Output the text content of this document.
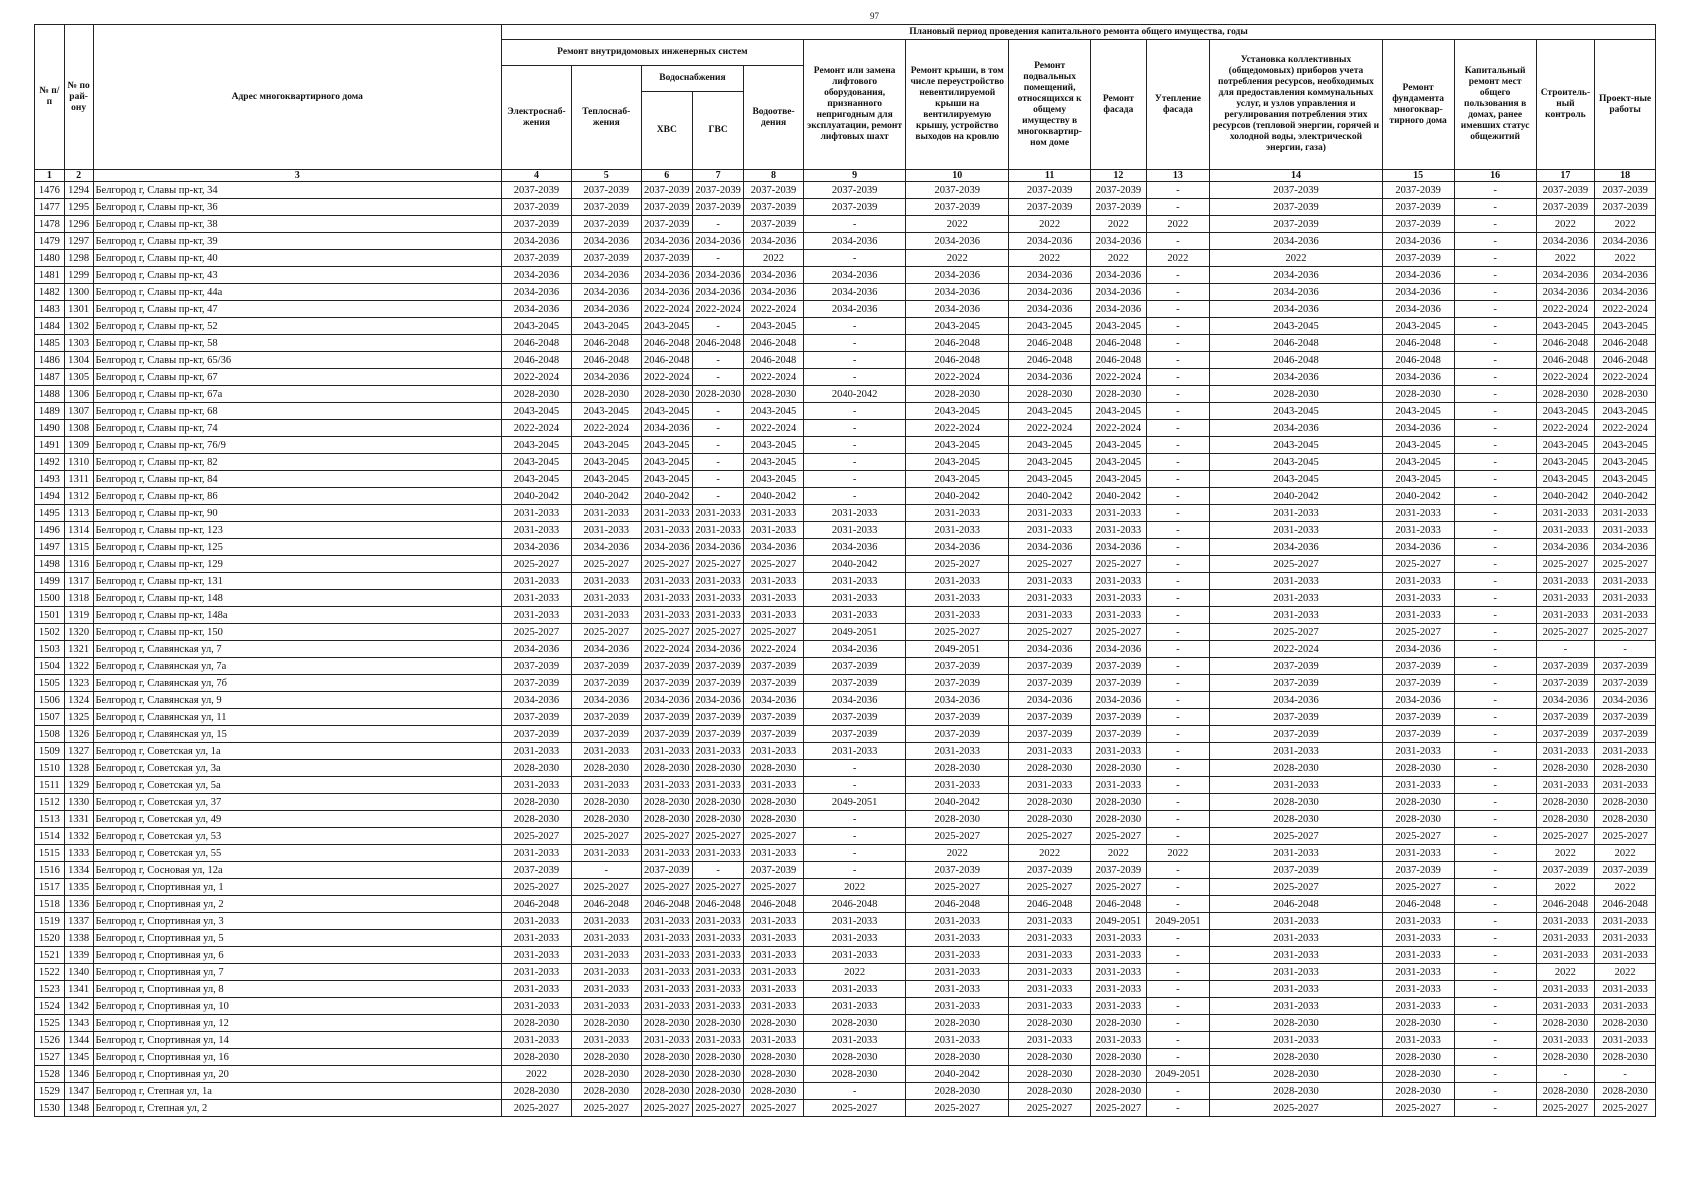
97
№ п/п	№ по рай-ону	Адрес многоквартирного дома	Плановый период проведения капитального ремонта общего имущества, годы														
			Ремонт внутридомовых инженерных систем					Ремонт или замена лифтового оборудования, признанного непригодным для эксплуатации, ремонт лифтовых шахт	Ремонт крыши, в том числе переустройство невентилируемой крыши на вентилируемую крышу, устройство выходов на кровлю	Ремонт подвальных помещений, относящихся к общему имуществу в многоквартир-ном доме	Ремонт фасада	Утепление фасада	Установка коллективных (общедомовых) приборов учета потребления ресурсов, необходимых для предоставления коммунальных услуг, и узлов управления и регулирования потребления этих ресурсов (тепловой энергии, горячей и холодной воды, электрической энергии, газа)	Ремонт фундамента многоквар-тирного дома	Капитальный ремонт мест общего пользования в домах, ранее имевших статус общежитий	Строитель-ный контроль	Проект-ные работы
			Электроснаб-жения	Теплоснаб-жения	Водоснабжения		Водоотве-дения										
					ХВС	ГВС											
1	2	3	4	5	6	7	8	9	10	11	12	13	14	15	16	17	18
1476	1294	Белгород г, Славы пр-кт, 34	2037-2039	2037-2039	2037-2039	2037-2039	2037-2039	2037-2039	2037-2039	2037-2039	2037-2039	-	2037-2039	2037-2039	-	2037-2039	2037-2039
1477	1295	Белгород г, Славы пр-кт, 36	2037-2039	2037-2039	2037-2039	2037-2039	2037-2039	2037-2039	2037-2039	2037-2039	2037-2039	-	2037-2039	2037-2039	-	2037-2039	2037-2039
1478	1296	Белгород г, Славы пр-кт, 38	2037-2039	2037-2039	2037-2039	-	2037-2039	-	2022	2022	2022	2022	2037-2039	2037-2039	-	2022	2022
1479	1297	Белгород г, Славы пр-кт, 39	2034-2036	2034-2036	2034-2036	2034-2036	2034-2036	2034-2036	2034-2036	2034-2036	2034-2036	-	2034-2036	2034-2036	-	2034-2036	2034-2036
1480	1298	Белгород г, Славы пр-кт, 40	2037-2039	2037-2039	2037-2039	-	2022	-	2022	2022	2022	2022	2022	2037-2039	-	2022	2022
1481	1299	Белгород г, Славы пр-кт, 43	2034-2036	2034-2036	2034-2036	2034-2036	2034-2036	2034-2036	2034-2036	2034-2036	2034-2036	-	2034-2036	2034-2036	-	2034-2036	2034-2036
1482	1300	Белгород г, Славы пр-кт, 44а	2034-2036	2034-2036	2034-2036	2034-2036	2034-2036	2034-2036	2034-2036	2034-2036	2034-2036	-	2034-2036	2034-2036	-	2034-2036	2034-2036
1483	1301	Белгород г, Славы пр-кт, 47	2034-2036	2034-2036	2022-2024	2022-2024	2022-2024	2034-2036	2034-2036	2034-2036	2034-2036	-	2034-2036	2034-2036	-	2022-2024	2022-2024
1484	1302	Белгород г, Славы пр-кт, 52	2043-2045	2043-2045	2043-2045	-	2043-2045	-	2043-2045	2043-2045	2043-2045	-	2043-2045	2043-2045	-	2043-2045	2043-2045
1485	1303	Белгород г, Славы пр-кт, 58	2046-2048	2046-2048	2046-2048	2046-2048	2046-2048	-	2046-2048	2046-2048	2046-2048	-	2046-2048	2046-2048	-	2046-2048	2046-2048
1486	1304	Белгород г, Славы пр-кт, 65/36	2046-2048	2046-2048	2046-2048	-	2046-2048	-	2046-2048	2046-2048	2046-2048	-	2046-2048	2046-2048	-	2046-2048	2046-2048
1487	1305	Белгород г, Славы пр-кт, 67	2022-2024	2034-2036	2022-2024	-	2022-2024	-	2022-2024	2034-2036	2022-2024	-	2034-2036	2034-2036	-	2022-2024	2022-2024
1488	1306	Белгород г, Славы пр-кт, 67а	2028-2030	2028-2030	2028-2030	2028-2030	2028-2030	2040-2042	2028-2030	2028-2030	2028-2030	-	2028-2030	2028-2030	-	2028-2030	2028-2030
1489	1307	Белгород г, Славы пр-кт, 68	2043-2045	2043-2045	2043-2045	-	2043-2045	-	2043-2045	2043-2045	2043-2045	-	2043-2045	2043-2045	-	2043-2045	2043-2045
1490	1308	Белгород г, Славы пр-кт, 74	2022-2024	2022-2024	2034-2036	-	2022-2024	-	2022-2024	2022-2024	2022-2024	-	2034-2036	2034-2036	-	2022-2024	2022-2024
1491	1309	Белгород г, Славы пр-кт, 76/9	2043-2045	2043-2045	2043-2045	-	2043-2045	-	2043-2045	2043-2045	2043-2045	-	2043-2045	2043-2045	-	2043-2045	2043-2045
1492	1310	Белгород г, Славы пр-кт, 82	2043-2045	2043-2045	2043-2045	-	2043-2045	-	2043-2045	2043-2045	2043-2045	-	2043-2045	2043-2045	-	2043-2045	2043-2045
1493	1311	Белгород г, Славы пр-кт, 84	2043-2045	2043-2045	2043-2045	-	2043-2045	-	2043-2045	2043-2045	2043-2045	-	2043-2045	2043-2045	-	2043-2045	2043-2045
1494	1312	Белгород г, Славы пр-кт, 86	2040-2042	2040-2042	2040-2042	-	2040-2042	-	2040-2042	2040-2042	2040-2042	-	2040-2042	2040-2042	-	2040-2042	2040-2042
1495	1313	Белгород г, Славы пр-кт, 90	2031-2033	2031-2033	2031-2033	2031-2033	2031-2033	2031-2033	2031-2033	2031-2033	2031-2033	-	2031-2033	2031-2033	-	2031-2033	2031-2033
1496	1314	Белгород г, Славы пр-кт, 123	2031-2033	2031-2033	2031-2033	2031-2033	2031-2033	2031-2033	2031-2033	2031-2033	2031-2033	-	2031-2033	2031-2033	-	2031-2033	2031-2033
1497	1315	Белгород г, Славы пр-кт, 125	2034-2036	2034-2036	2034-2036	2034-2036	2034-2036	2034-2036	2034-2036	2034-2036	2034-2036	-	2034-2036	2034-2036	-	2034-2036	2034-2036
1498	1316	Белгород г, Славы пр-кт, 129	2025-2027	2025-2027	2025-2027	2025-2027	2025-2027	2040-2042	2025-2027	2025-2027	2025-2027	-	2025-2027	2025-2027	-	2025-2027	2025-2027
1499	1317	Белгород г, Славы пр-кт, 131	2031-2033	2031-2033	2031-2033	2031-2033	2031-2033	2031-2033	2031-2033	2031-2033	2031-2033	-	2031-2033	2031-2033	-	2031-2033	2031-2033
1500	1318	Белгород г, Славы пр-кт, 148	2031-2033	2031-2033	2031-2033	2031-2033	2031-2033	2031-2033	2031-2033	2031-2033	2031-2033	-	2031-2033	2031-2033	-	2031-2033	2031-2033
1501	1319	Белгород г, Славы пр-кт, 148а	2031-2033	2031-2033	2031-2033	2031-2033	2031-2033	2031-2033	2031-2033	2031-2033	2031-2033	-	2031-2033	2031-2033	-	2031-2033	2031-2033
1502	1320	Белгород г, Славы пр-кт, 150	2025-2027	2025-2027	2025-2027	2025-2027	2025-2027	2049-2051	2025-2027	2025-2027	2025-2027	-	2025-2027	2025-2027	-	2025-2027	2025-2027
1503	1321	Белгород г, Славянская ул, 7	2034-2036	2034-2036	2022-2024	2034-2036	2022-2024	2034-2036	2049-2051	2034-2036	2034-2036	-	2022-2024	2034-2036	-	-	-
1504	1322	Белгород г, Славянская ул, 7а	2037-2039	2037-2039	2037-2039	2037-2039	2037-2039	2037-2039	2037-2039	2037-2039	2037-2039	-	2037-2039	2037-2039	-	2037-2039	2037-2039
1505	1323	Белгород г, Славянская ул, 7б	2037-2039	2037-2039	2037-2039	2037-2039	2037-2039	2037-2039	2037-2039	2037-2039	2037-2039	-	2037-2039	2037-2039	-	2037-2039	2037-2039
1506	1324	Белгород г, Славянская ул, 9	2034-2036	2034-2036	2034-2036	2034-2036	2034-2036	2034-2036	2034-2036	2034-2036	2034-2036	-	2034-2036	2034-2036	-	2034-2036	2034-2036
1507	1325	Белгород г, Славянская ул, 11	2037-2039	2037-2039	2037-2039	2037-2039	2037-2039	2037-2039	2037-2039	2037-2039	2037-2039	-	2037-2039	2037-2039	-	2037-2039	2037-2039
1508	1326	Белгород г, Славянская ул, 15	2037-2039	2037-2039	2037-2039	2037-2039	2037-2039	2037-2039	2037-2039	2037-2039	2037-2039	-	2037-2039	2037-2039	-	2037-2039	2037-2039
1509	1327	Белгород г, Советская ул, 1а	2031-2033	2031-2033	2031-2033	2031-2033	2031-2033	2031-2033	2031-2033	2031-2033	2031-2033	-	2031-2033	2031-2033	-	2031-2033	2031-2033
1510	1328	Белгород г, Советская ул, 3а	2028-2030	2028-2030	2028-2030	2028-2030	2028-2030	-	2028-2030	2028-2030	2028-2030	-	2028-2030	2028-2030	-	2028-2030	2028-2030
1511	1329	Белгород г, Советская ул, 5а	2031-2033	2031-2033	2031-2033	2031-2033	2031-2033	-	2031-2033	2031-2033	2031-2033	-	2031-2033	2031-2033	-	2031-2033	2031-2033
1512	1330	Белгород г, Советская ул, 37	2028-2030	2028-2030	2028-2030	2028-2030	2028-2030	2049-2051	2040-2042	2028-2030	2028-2030	-	2028-2030	2028-2030	-	2028-2030	2028-2030
1513	1331	Белгород г, Советская ул, 49	2028-2030	2028-2030	2028-2030	2028-2030	2028-2030	-	2028-2030	2028-2030	2028-2030	-	2028-2030	2028-2030	-	2028-2030	2028-2030
1514	1332	Белгород г, Советская ул, 53	2025-2027	2025-2027	2025-2027	2025-2027	2025-2027	-	2025-2027	2025-2027	2025-2027	-	2025-2027	2025-2027	-	2025-2027	2025-2027
1515	1333	Белгород г, Советская ул, 55	2031-2033	2031-2033	2031-2033	2031-2033	2031-2033	-	2022	2022	2022	2022	2031-2033	2031-2033	-	2022	2022
1516	1334	Белгород г, Сосновая ул, 12а	2037-2039	-	2037-2039	-	2037-2039	-	2037-2039	2037-2039	2037-2039	-	2037-2039	2037-2039	-	2037-2039	2037-2039
1517	1335	Белгород г, Спортивная ул, 1	2025-2027	2025-2027	2025-2027	2025-2027	2025-2027	2022	2025-2027	2025-2027	2025-2027	-	2025-2027	2025-2027	-	2022	2022
1518	1336	Белгород г, Спортивная ул, 2	2046-2048	2046-2048	2046-2048	2046-2048	2046-2048	2046-2048	2046-2048	2046-2048	2046-2048	-	2046-2048	2046-2048	-	2046-2048	2046-2048
1519	1337	Белгород г, Спортивная ул, 3	2031-2033	2031-2033	2031-2033	2031-2033	2031-2033	2031-2033	2031-2033	2031-2033	2049-2051	2049-2051	2031-2033	2031-2033	-	2031-2033	2031-2033
1520	1338	Белгород г, Спортивная ул, 5	2031-2033	2031-2033	2031-2033	2031-2033	2031-2033	2031-2033	2031-2033	2031-2033	2031-2033	-	2031-2033	2031-2033	-	2031-2033	2031-2033
1521	1339	Белгород г, Спортивная ул, 6	2031-2033	2031-2033	2031-2033	2031-2033	2031-2033	2031-2033	2031-2033	2031-2033	2031-2033	-	2031-2033	2031-2033	-	2031-2033	2031-2033
1522	1340	Белгород г, Спортивная ул, 7	2031-2033	2031-2033	2031-2033	2031-2033	2031-2033	2022	2031-2033	2031-2033	2031-2033	-	2031-2033	2031-2033	-	2022	2022
1523	1341	Белгород г, Спортивная ул, 8	2031-2033	2031-2033	2031-2033	2031-2033	2031-2033	2031-2033	2031-2033	2031-2033	2031-2033	-	2031-2033	2031-2033	-	2031-2033	2031-2033
1524	1342	Белгород г, Спортивная ул, 10	2031-2033	2031-2033	2031-2033	2031-2033	2031-2033	2031-2033	2031-2033	2031-2033	2031-2033	-	2031-2033	2031-2033	-	2031-2033	2031-2033
1525	1343	Белгород г, Спортивная ул, 12	2028-2030	2028-2030	2028-2030	2028-2030	2028-2030	2028-2030	2028-2030	2028-2030	2028-2030	-	2028-2030	2028-2030	-	2028-2030	2028-2030
1526	1344	Белгород г, Спортивная ул, 14	2031-2033	2031-2033	2031-2033	2031-2033	2031-2033	2031-2033	2031-2033	2031-2033	2031-2033	-	2031-2033	2031-2033	-	2031-2033	2031-2033
1527	1345	Белгород г, Спортивная ул, 16	2028-2030	2028-2030	2028-2030	2028-2030	2028-2030	2028-2030	2028-2030	2028-2030	2028-2030	-	2028-2030	2028-2030	-	2028-2030	2028-2030
1528	1346	Белгород г, Спортивная ул, 20	2022	2028-2030	2028-2030	2028-2030	2028-2030	2028-2030	2040-2042	2028-2030	2028-2030	2049-2051	2028-2030	2028-2030	-	-	-
1529	1347	Белгород г, Степная ул, 1а	2028-2030	2028-2030	2028-2030	2028-2030	2028-2030	-	2028-2030	2028-2030	2028-2030	-	2028-2030	2028-2030	-	2028-2030	2028-2030
1530	1348	Белгород г, Степная ул, 2	2025-2027	2025-2027	2025-2027	2025-2027	2025-2027	2025-2027	2025-2027	2025-2027	2025-2027	-	2025-2027	2025-2027	-	2025-2027	2025-2027
